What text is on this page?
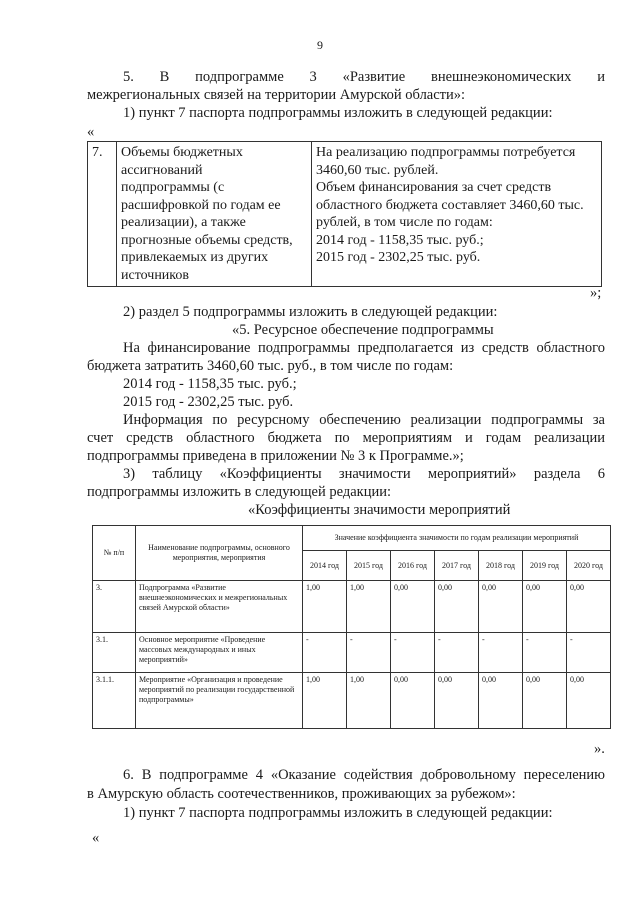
9
5. В подпрограмме 3 «Развитие внешнеэкономических и
межрегиональных связей на территории Амурской области»:
1) пункт 7 паспорта подпрограммы изложить в следующей редакции:
«
7.	Объемы бюджетных
ассигнований
подпрограммы (с
расшифровкой по годам ее
реализации), а также
прогнозные объемы средств,
привлекаемых из других
источников

На реализацию подпрограммы потребуется
3460,60 тыс. рублей.
Объем финансирования за счет средств
областного бюджета составляет 3460,60 тыс.
рублей, в том числе по годам:
2014 год - 1158,35 тыс. руб.;
2015 год - 2302,25 тыс. руб.
»;
2) раздел 5 подпрограммы изложить в следующей редакции:
«5. Ресурсное обеспечение подпрограммы
На финансирование подпрограммы предполагается из средств областного
бюджета затратить 3460,60 тыс. руб., в том числе по годам:
2014 год - 1158,35 тыс. руб.;
2015 год - 2302,25 тыс. руб.
Информация по ресурсному обеспечению реализации подпрограммы за
счет средств областного бюджета по мероприятиям и годам реализации
подпрограммы приведена в приложении № 3 к Программе.»;
3) таблицу «Коэффициенты значимости мероприятий» раздела 6
подпрограммы изложить в следующей редакции:
«Коэффициенты значимости мероприятий
№ п/п	Наименование подпрограммы, основного мероприятия, мероприятия	Значение коэффициента значимости по годам реализации мероприятий						
		2014 год	2015 год	2016 год	2017 год	2018 год	2019 год	2020 год
3.	Подпрограмма «Развитие внешнеэкономических и межрегиональных связей Амурской области»	1,00	1,00	0,00	0,00	0,00	0,00	0,00
3.1.	Основное мероприятие «Проведение массовых международных и иных мероприятий»	-	-	-	-	-	-	-
3.1.1.	Мероприятие «Организация и проведение мероприятий по реализации государственной подпрограммы»	1,00	1,00	0,00	0,00	0,00	0,00	0,00
».
6. В подпрограмме 4 «Оказание содействия добровольному переселению
в Амурскую область соотечественников, проживающих за рубежом»:
1) пункт 7 паспорта подпрограммы изложить в следующей редакции:
«
